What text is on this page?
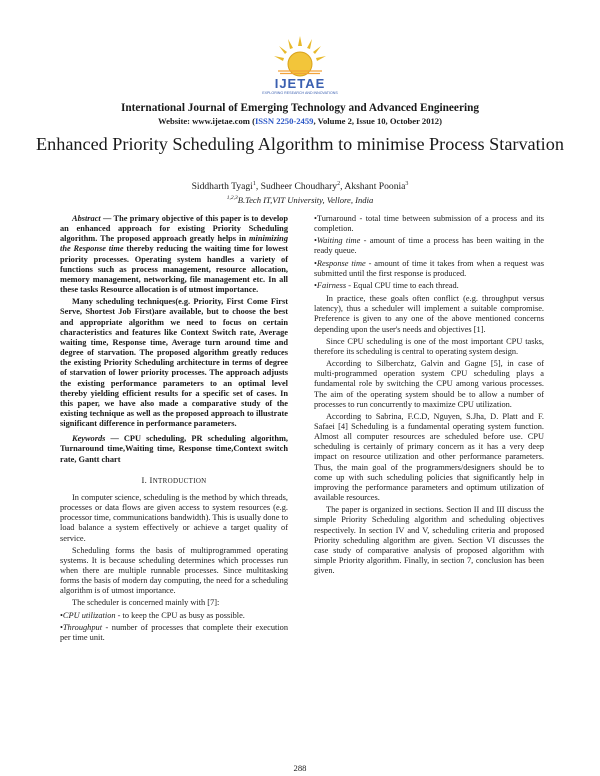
IJETAE
EXPLORING RESEARCH AND INNOVATIONS
International Journal of Emerging Technology and Advanced Engineering
Website: www.ijetae.com (ISSN 2250-2459, Volume 2, Issue 10, October 2012)
Enhanced Priority Scheduling Algorithm to minimise Process Starvation
Siddharth Tyagi$^1$, Sudheer Choudhary$^2$, Akshant Poonia$^3$
$^{1,2,3}$B.Tech IT,VIT University, Vellore, India

Abstract — The primary objective of this paper is to develop an enhanced approach for existing Priority Scheduling algorithm. The proposed approach greatly helps in minimizing the Response time thereby reducing the waiting time for lowest priority processes. Operating system handles a variety of functions such as process management, resource allocation, memory management, networking, file management etc. In all these tasks Resource allocation is of utmost importance.

Many scheduling techniques(e.g. Priority, First Come First Serve, Shortest Job First)are available, but to choose the best and appropriate algorithm we need to focus on certain characteristics and features like Context Switch rate, Average waiting time, Response time, Average turn around time and degree of starvation. The proposed algorithm greatly reduces the existing Priority Scheduling architecture in terms of degree of starvation of lower priority processes. The approach adjusts the existing performance parameters to an optimal level thereby yielding efficient results for a specific set of cases. In this paper, we have also made a comparative study of the existing technique as well as the proposed approach to illustrate significant difference in performance parameters.

Keywords — CPU scheduling, PR scheduling algorithm, Turnaround time,Waiting time, Response time,Context switch rate, Gantt chart

I. INTRODUCTION

In computer science, scheduling is the method by which threads, processes or data flows are given access to system resources (e.g. processor time, communications bandwidth). This is usually done to load balance a system effectively or achieve a target quality of service.

Scheduling forms the basis of multiprogrammed operating systems. It is because scheduling determines which processes run when there are multiple runnable processes. Since multitasking forms the basis of modern day computing, the need for a scheduling algorithm is of utmost importance.

The scheduler is concerned mainly with [7]:

•CPU utilization - to keep the CPU as busy as possible.

•Throughput - number of processes that complete their execution per time unit.

•Turnaround - total time between submission of a process and its completion.

•Waiting time - amount of time a process has been waiting in the ready queue.

•Response time - amount of time it takes from when a request was submitted until the first response is produced.

•Fairness - Equal CPU time to each thread.

In practice, these goals often conflict (e.g. throughput versus latency), thus a scheduler will implement a suitable compromise. Preference is given to any one of the above mentioned concerns depending upon the user's needs and objectives [1].

Since CPU scheduling is one of the most important CPU tasks, therefore its scheduling is central to operating system design.

According to Silberchatz, Galvin and Gagne [5], in case of multi-programmed operation system CPU scheduling plays a fundamental role by switching the CPU among various processes. The aim of the operating system should be to allow a number of processes to run concurrently to maximize CPU utilization.

According to Sabrina, F.C.D, Nguyen, S.Jha, D. Platt and F. Safaei [4] Scheduling is a fundamental operating system function. Almost all computer resources are scheduled before use. CPU scheduling is certainly of primary concern as it has a very deep impact on resource utilization and other performance parameters. Thus, the main goal of the programmers/designers should be to come up with such scheduling policies that significantly help in improving the performance parameters and optimum utilization of available resources.

The paper is organized in sections. Section II and III discuss the simple Priority Scheduling algorithm and scheduling objectives respectively. In section IV and V, scheduling criteria and proposed Priority scheduling algorithm are given. Section VI discusses the case study of comparative analysis of proposed algorithm with simple Priority algorithm. Finally, in section 7, conclusion has been given.

288
